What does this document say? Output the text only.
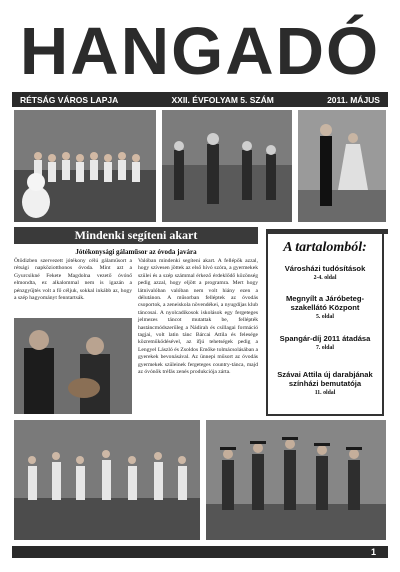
HANGADÓ
RÉTSÁG VÁROS LAPJA	XXII. ÉVFOLYAM 5. SZÁM	2011. MÁJUS
Mindenki segíteni akart
Jótékonysági gálaműsor az óvoda javára
Ötödizben szervezett jótékony célú gálaműsort a rétsági napköziotthonos óvoda. Mint azt a Gyurcsikné Fekete Magdolna vezető óvónő elmondta, ez alkalommal nem is igazán a pénzgyűjtés volt a fő céljuk, sokkal inkább az, hogy a szép hagyományt fenntartsák.
Valóban mindenki segíteni akart. A fellépők azzal, hogy szívesen jöttek az első hívó szóra, a gyermekek szülei és a szép számmal érkező érdeklődő közönség pedig azzal, hogy eljött a programra. Mert hogy látnivalóban valóban nem volt hiány ezen a délutánon. A műsorban felléptek az óvodás csoportok, a zeneiskola növendékei, a nyugdíjas klub táncosai. A nyolcadikosok iskolások egy fergeteges jelmezes táncot mutattak be, fellépték hastáncmódszerűleg a Nádirah és csillagai formáció tagjai, volt latin tánc Bárcai Attila és felesége közreműködésével, az ifjú tehetségek pedig a Lengyel László és Zsoldos Emőke tolmácsolásában a gyerekek bevonásával. Az ünnepi műsort az óvodás gyermekek szüleinek fergeteges country-tánca, majd az óvónők tréfás zenés produkciója zárta.
A tartalomból:
Városházi tudósítások
2-4. oldal
Megnyílt a Járóbeteg-szakellátó Központ
5. oldal
Spangár-díj 2011 átadása
7. oldal
Szávai Attila új darabjának színházi bemutatója
11. oldal
1
